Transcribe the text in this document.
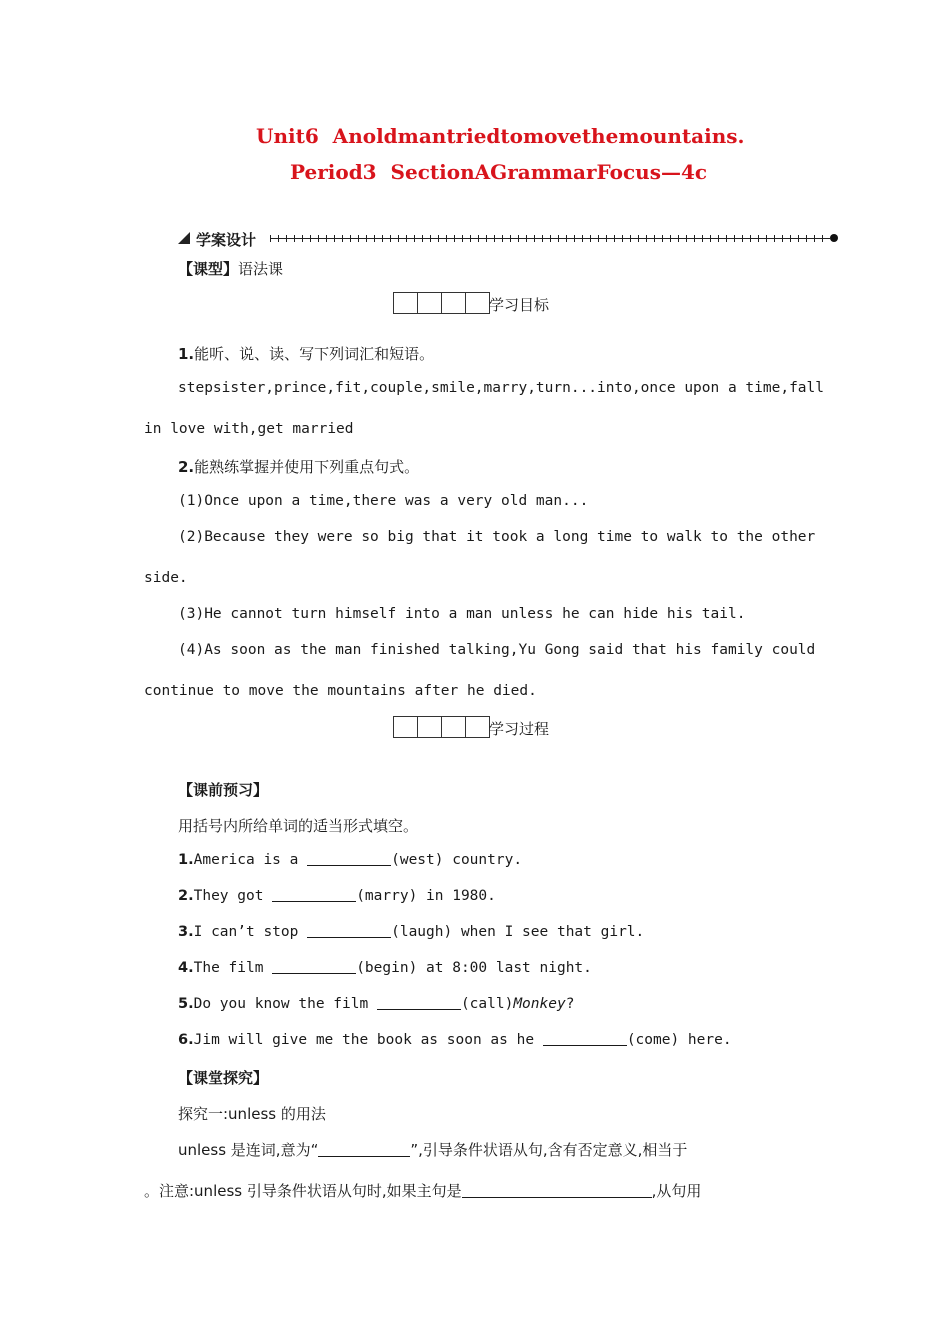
Unit6 Anoldmantriedtomovethemountains.
Period3 SectionAGrammarFocus—4c
学案设计
【课型】语法课
学习目标
1.能听、说、读、写下列词汇和短语。
stepsister,prince,fit,couple,smile,marry,turn...into,once upon a time,fall
in love with,get married
2.能熟练掌握并使用下列重点句式。
(1)Once upon a time,there was a very old man...
(2)Because they were so big that it took a long time to walk to the other
side.
(3)He cannot turn himself into a man unless he can hide his tail.
(4)As soon as the man finished talking,Yu Gong said that his family could
continue to move the mountains after he died.
学习过程
【课前预习】
用括号内所给单词的适当形式填空。
1.America is a	(west) country.
2.They got	(marry) in 1980.
3.I can’t stop	(laugh) when I see that girl.
4.The film	(begin) at 8:00 last night.
5.Do you know the film	(call)Monkey?
6.Jim will give me the book as soon as he	(come) here.
【课堂探究】
探究一:unless 的用法
unless 是连词,意为“	”,引导条件状语从句,含有否定意义,相当于
。注意:unless 引导条件状语从句时,如果主句是	,从句用
